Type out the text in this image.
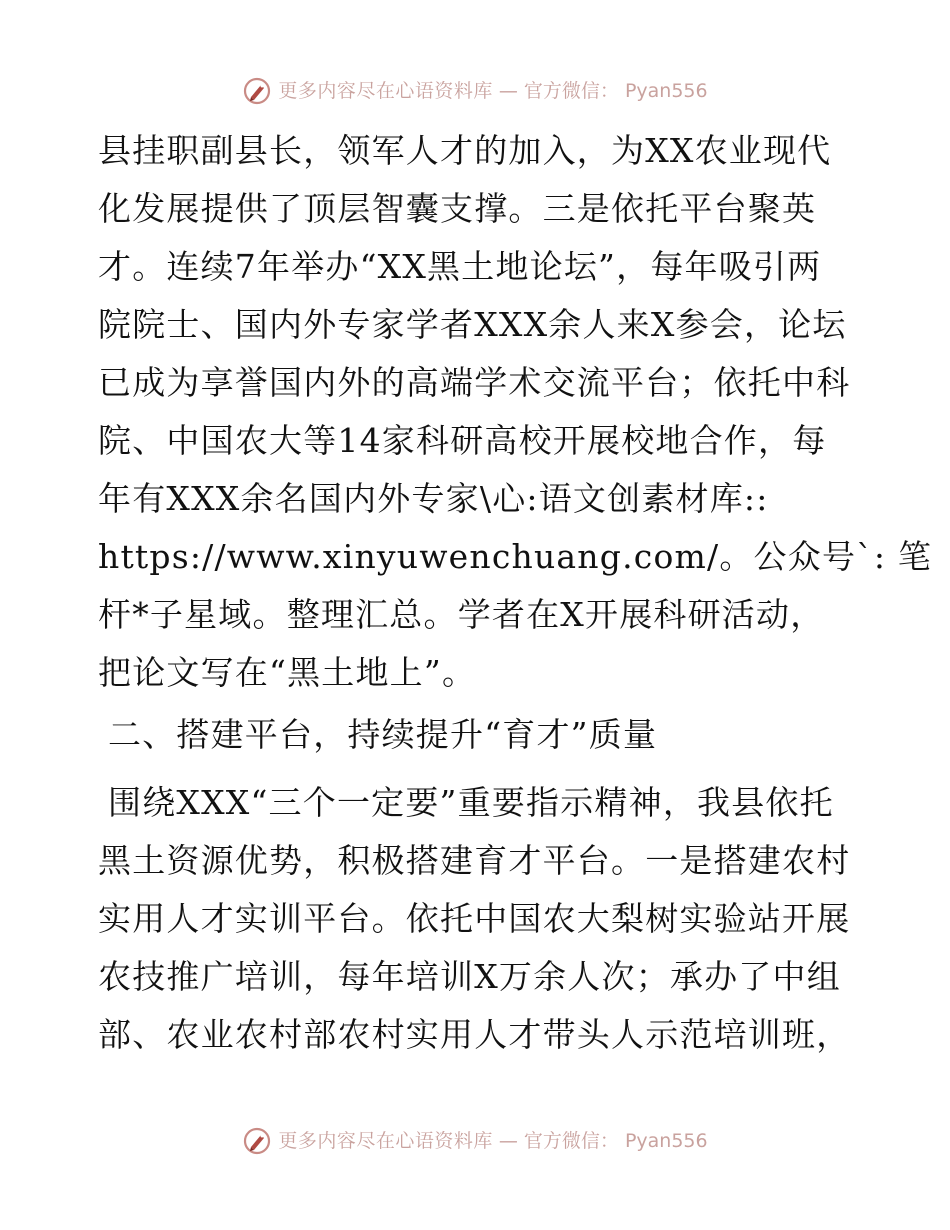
更多内容尽在心语资料库 — 官方微信： Pyan556
县挂职副县长，领军人才的加入，为XX农业现代
化发展提供了顶层智囊支撑。三是依托平台聚英
才。连续7年举办“XX黑土地论坛”，每年吸引两
院院士、国内外专家学者XXX余人来X参会，论坛
已成为享誉国内外的高端学术交流平台；依托中科
院、中国农大等14家科研高校开展校地合作，每
年有XXX余名国内外专家\心:语文创素材库::
https://www.xinyuwenchuang.com/。公众号`: 笔
杆*子星域。整理汇总。学者在X开展科研活动，
把论文写在“黑土地上”。
二、搭建平台，持续提升“育才”质量
围绕XXX“三个一定要”重要指示精神，我县依托
黑土资源优势，积极搭建育才平台。一是搭建农村
实用人才实训平台。依托中国农大梨树实验站开展
农技推广培训，每年培训X万余人次；承办了中组
部、农业农村部农村实用人才带头人示范培训班，
更多内容尽在心语资料库 — 官方微信： Pyan556
